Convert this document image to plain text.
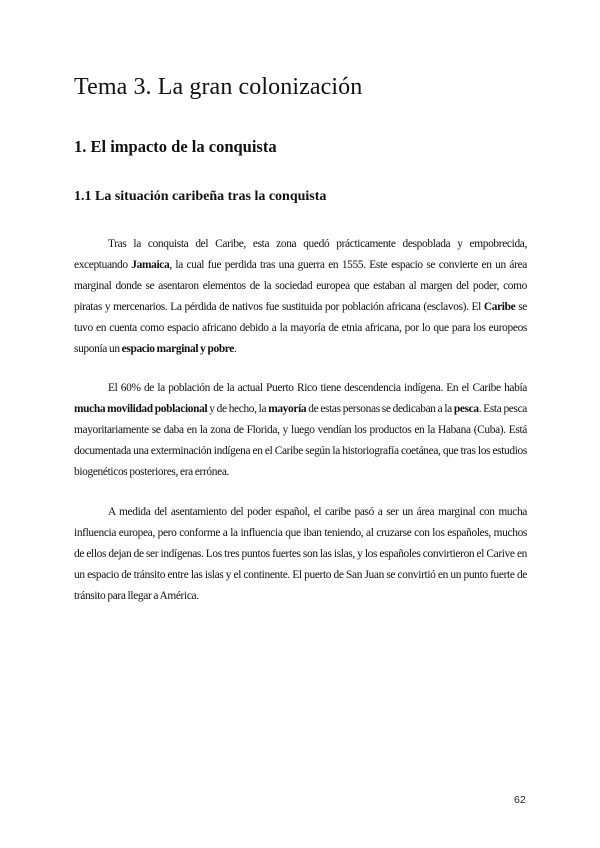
Tema 3. La gran colonización
1. El impacto de la conquista
1.1 La situación caribeña tras la conquista

Tras la conquista del Caribe, esta zona quedó prácticamente despoblada y empobrecida, exceptuando Jamaica, la cual fue perdida tras una guerra en 1555. Este espacio se convierte en un área marginal donde se asentaron elementos de la sociedad europea que estaban al margen del poder, como piratas y mercenarios. La pérdida de nativos fue sustituida por población africana (esclavos). El Caribe se tuvo en cuenta como espacio africano debido a la mayoría de etnia africana, por lo que para los europeos suponía un espacio marginal y pobre.

El 60% de la población de la actual Puerto Rico tiene descendencia indígena. En el Caribe había mucha movilidad poblacional y de hecho, la mayoría de estas personas se dedicaban a la pesca. Esta pesca mayoritariamente se daba en la zona de Florida, y luego vendían los productos en la Habana (Cuba). Está documentada una exterminación indígena en el Caribe según la historiografía coetánea, que tras los estudios biogenéticos posteriores, era errónea.

A medida del asentamiento del poder español, el caribe pasó a ser un área marginal con mucha influencia europea, pero conforme a la influencia que iban teniendo, al cruzarse con los españoles, muchos de ellos dejan de ser indígenas. Los tres puntos fuertes son las islas, y los españoles convirtieron el Carive en un espacio de tránsito entre las islas y el continente. El puerto de San Juan se convirtió en un punto fuerte de tránsito para llegar a América.

62
